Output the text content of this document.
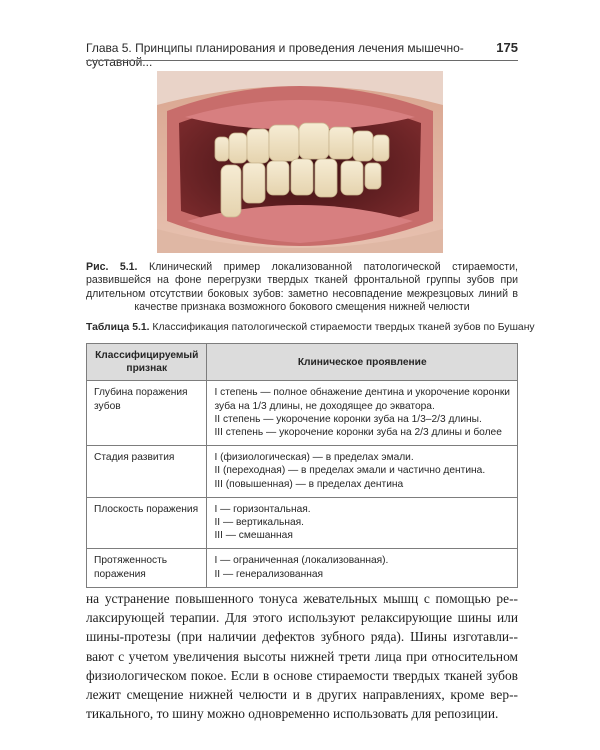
Глава 5. Принципы планирования и проведения лечения мышечно-суставной...
175
Рис. 5.1. Клинический пример локализованной патологической стираемости, развившейся на фоне перегрузки твердых тканей фронтальной группы зубов при длительном отсутствии боковых зубов: заметно несовпадение межрезцовых линий в качестве признака возможного бокового смещения нижней челюсти
Таблица 5.1. Классификация патологической стираемости твердых тканей зубов по Бушану
Классифицируемый признак	Клиническое проявление
Глубина поражения зубов	I степень — полное обнажение дентина и укорочение коронки
зуба на 1/3 длины, не доходящее до экватора.
II степень — укорочение коронки зуба на 1/3–2/3 длины.
III степень — укорочение коронки зуба на 2/3 длины и более

Стадия развития	I (физиологическая) — в пределах эмали.
II (переходная) — в пределах эмали и частично дентина.
III (повышенная) — в пределах дентина

Плоскость поражения	I — горизонтальная.
II — вертикальная.
III — смешанная

Протяженность поражения	I — ограниченная (локализованная).
II — генерализованная
на устранение повышенного тонуса жевательных мышц с помощью ре-лаксирующей терапии. Для этого используют релаксирующие шины или шины-протезы (при наличии дефектов зубного ряда). Шины изготавли-вают с учетом увеличения высоты нижней трети лица при относительном физиологическом покое. Если в основе стираемости твердых тканей зубов лежит смещение нижней челюсти и в других направлениях, кроме вер-тикального, то шину можно одновременно использовать для репозиции.
